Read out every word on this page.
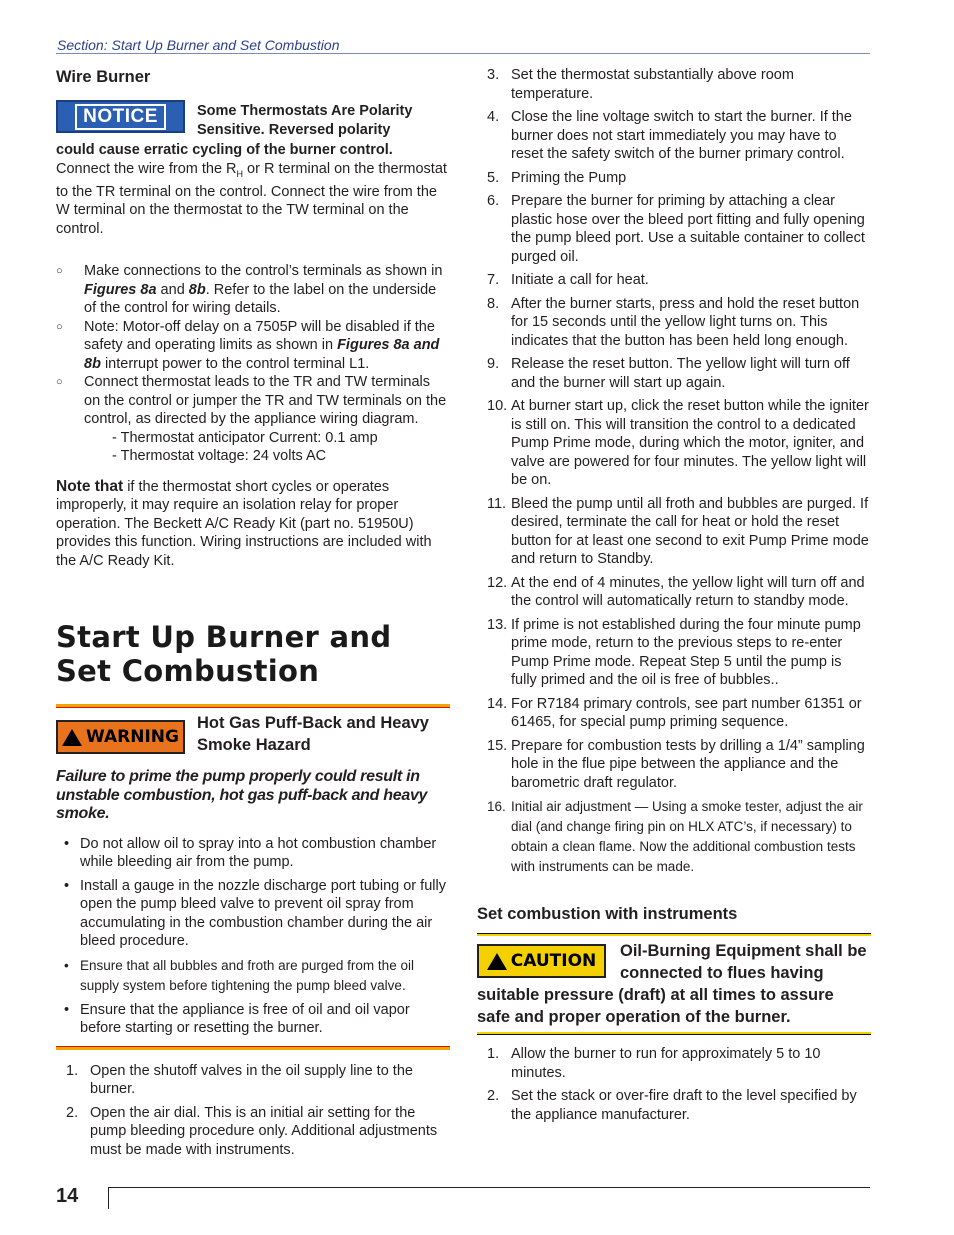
Section: Start Up Burner and Set Combustion
Wire Burner
NOTICE	Some Thermostats Are Polarity Sensitive. Reversed polarity
could cause erratic cycling of the burner control.

Connect the wire from the $R_H$ or R terminal on the thermostat to the TR terminal on the control. Connect the wire from the W terminal on the thermostat to the TW terminal on the control.

○ Make connections to the control’s terminals as shown in Figures 8a and 8b. Refer to the label on the underside of the control for wiring details.
○ Note: Motor-off delay on a 7505P will be disabled if the safety and operating limits as shown in Figures 8a and 8b interrupt power to the control terminal L1.
○ Connect thermostat leads to the TR and TW terminals on the control or jumper the TR and TW terminals on the control, as directed by the appliance wiring diagram.
- Thermostat anticipator Current: 0.1 amp
- Thermostat voltage: 24 volts AC

Note that if the thermostat short cycles or operates improperly, it may require an isolation relay for proper operation. The Beckett A/C Ready Kit (part no. 51950U) provides this function. Wiring instructions are included with the A/C Ready Kit.

Start Up Burner and Set Combustion
WARNING
Hot Gas Puff-Back and Heavy Smoke Hazard
Failure to prime the pump properly could result in unstable combustion, hot gas puff-back and heavy smoke.
• Do not allow oil to spray into a hot combustion chamber while bleeding air from the pump.
• Install a gauge in the nozzle discharge port tubing or fully open the pump bleed valve to prevent oil spray from accumulating in the combustion chamber during the air bleed procedure.
• Ensure that all bubbles and froth are purged from the oil supply system before tightening the pump bleed valve.
• Ensure that the appliance is free of oil and oil vapor before starting or resetting the burner.
1. Open the shutoff valves in the oil supply line to the burner.
2. Open the air dial. This is an initial air setting for the pump bleeding procedure only. Additional adjustments must be made with instruments.
3. Set the thermostat substantially above room temperature.
4. Close the line voltage switch to start the burner. If the burner does not start immediately you may have to reset the safety switch of the burner primary control.
5. Priming the Pump
6. Prepare the burner for priming by attaching a clear plastic hose over the bleed port fitting and fully opening the pump bleed port. Use a suitable container to collect purged oil.
7. Initiate a call for heat.
8. After the burner starts, press and hold the reset button for 15 seconds until the yellow light turns on. This indicates that the button has been held long enough.
9. Release the reset button. The yellow light will turn off and the burner will start up again.
10. At burner start up, click the reset button while the igniter is still on. This will transition the control to a dedicated Pump Prime mode, during which the motor, igniter, and valve are powered for four minutes. The yellow light will be on.
11. Bleed the pump until all froth and bubbles are purged. If desired, terminate the call for heat or hold the reset button for at least one second to exit Pump Prime mode and return to Standby.
12. At the end of 4 minutes, the yellow light will turn off and the control will automatically return to standby mode.
13. If prime is not established during the four minute pump prime mode, return to the previous steps to re-enter Pump Prime mode. Repeat Step 5 until the pump is fully primed and the oil is free of bubbles..
14. For R7184 primary controls, see part number 61351 or 61465, for special pump priming sequence.
15. Prepare for combustion tests by drilling a 1/4” sampling hole in the flue pipe between the appliance and the barometric draft regulator.
16. Initial air adjustment — Using a smoke tester, adjust the air dial (and change firing pin on HLX ATC’s, if necessary) to obtain a clean flame. Now the additional combustion tests with instruments can be made.
Set combustion with instruments
CAUTION	Oil-Burning Equipment shall be connected to flues having suitable pressure (draft) at all times to assure safe and proper operation of the burner.
1. Allow the burner to run for approximately 5 to 10 minutes.
2. Set the stack or over-fire draft to the level specified by the appliance manufacturer.
14
